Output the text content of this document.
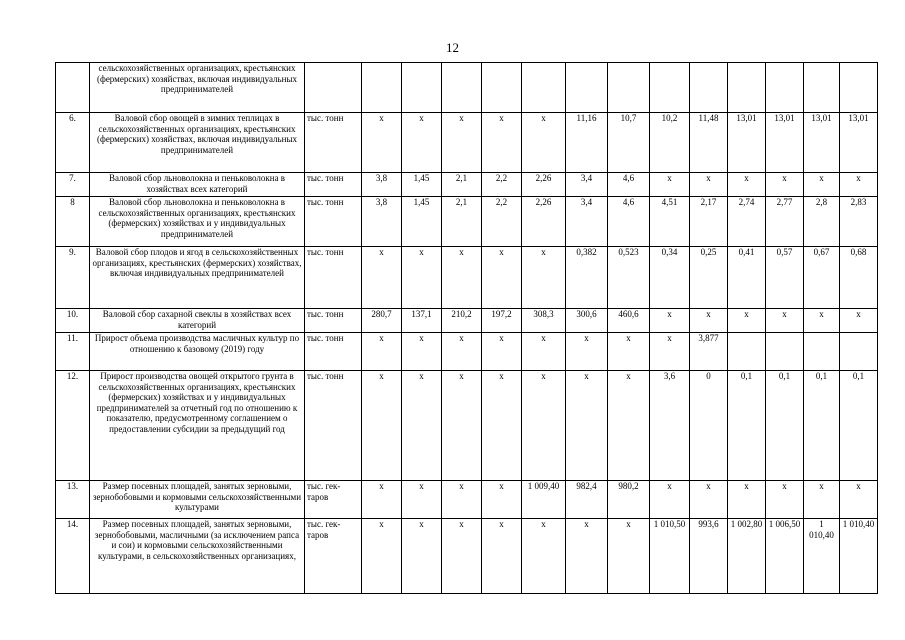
12
	сельскохозяйственных организациях, крестьянских (фермерских) хозяйствах, включая индивидуальных предпринимателей														
6.	Валовой сбор овощей в зимних теплицах в сельскохозяйственных организациях, крестьянских (фермерских) хозяйствах, включая индивидуальных предпринимателей	тыс. тонн	х	х	х	х	х	11,16	10,7	10,2	11,48	13,01	13,01	13,01	13,01
7.	Валовой сбор льноволокна и пеньковолокна в хозяйствах всех категорий	тыс. тонн	3,8	1,45	2,1	2,2	2,26	3,4	4,6	х	х	х	х	х	х
8	Валовой сбор льноволокна и пеньковолокна в сельскохозяйственных организациях, крестьянских (фермерских) хозяйствах и у индивидуальных предпринимателей	тыс. тонн	3,8	1,45	2,1	2,2	2,26	3,4	4,6	4,51	2,17	2,74	2,77	2,8	2,83
9.	Валовой сбор плодов и ягод в сельскохозяйственных организациях, крестьянских (фермерских) хозяйствах, включая индивидуальных предпринимателей	тыс. тонн	х	х	х	х	х	0,382	0,523	0,34	0,25	0,41	0,57	0,67	0,68
10.	Валовой сбор сахарной свеклы в хозяйствах всех категорий	тыс. тонн	280,7	137,1	210,2	197,2	308,3	300,6	460,6	х	х	х	х	х	х
11.	Прирост объема производства масличных культур по отношению к базовому (2019) году	тыс. тонн	х	х	х	х	х	х	х	х	3,877				
12.	Прирост производства овощей открытого грунта в сельскохозяйственных организациях, крестьянских (фермерских) хозяйствах и у индивидуальных предпринимателей за отчетный год по отношению к показателю, предусмотренному соглашением о предоставлении субсидии за предыдущий год	тыс. тонн	х	х	х	х	х	х	х	3,6	0	0,1	0,1	0,1	0,1
13.	Размер посевных площадей, занятых зерновыми, зернобобовыми и кормовыми сельскохозяйственными культурами	тыс. гек-таров	х	х	х	х	1 009,40	982,4	980,2	х	х	х	х	х	х
14.	Размер посевных площадей, занятых зерновыми, зернобобовыми, масличными (за исключением рапса и сои) и кормовыми сельскохозяйственными культурами, в сельскохозяйственных организациях,	тыс. гек-таров	х	х	х	х	х	х	х	1 010,50	993,6	1 002,80	1 006,50	1 010,40	1 010,40
